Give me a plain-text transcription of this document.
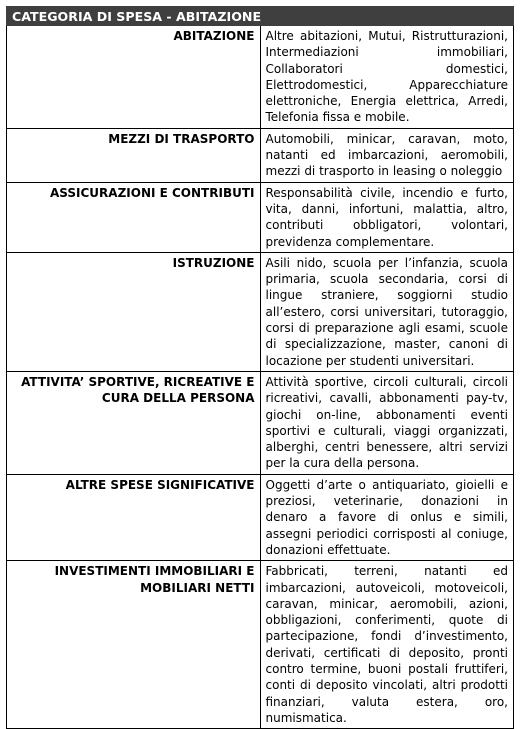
CATEGORIA DI SPESA - ABITAZIONE	
ABITAZIONE	Altre abitazioni, Mutui, Ristrutturazioni, Intermediazioni immobiliari, Collaboratori domestici, Elettrodomestici, Apparecchiature elettroniche, Energia elettrica, Arredi, Telefonia fissa e mobile.
MEZZI DI TRASPORTO	Automobili, minicar, caravan, moto, natanti ed imbarcazioni, aeromobili, mezzi di trasporto in leasing o noleggio
ASSICURAZIONI E CONTRIBUTI	Responsabilità civile, incendio e furto, vita, danni, infortuni, malattia, altro, contributi obbligatori, volontari, previdenza complementare.
ISTRUZIONE	Asili nido, scuola per l’infanzia, scuola primaria, scuola secondaria, corsi di lingue straniere, soggiorni studio all’estero, corsi universitari, tutoraggio, corsi di preparazione agli esami, scuole di specializzazione, master, canoni di locazione per studenti universitari.
ATTIVITA’ SPORTIVE, RICREATIVE E CURA DELLA PERSONA	Attività sportive, circoli culturali, circoli ricreativi, cavalli, abbonamenti pay-tv, giochi on-line, abbonamenti eventi sportivi e culturali, viaggi organizzati, alberghi, centri benessere, altri servizi per la cura della persona.
ALTRE SPESE SIGNIFICATIVE	Oggetti d’arte o antiquariato, gioielli e preziosi, veterinarie, donazioni in denaro a favore di onlus e simili, assegni periodici corrisposti al coniuge, donazioni effettuate.
INVESTIMENTI IMMOBILIARI E MOBILIARI NETTI	Fabbricati, terreni, natanti ed imbarcazioni, autoveicoli, motoveicoli, caravan, minicar, aeromobili, azioni, obbligazioni, conferimenti, quote di partecipazione, fondi d’investimento, derivati, certificati di deposito, pronti contro termine, buoni postali fruttiferi, conti di deposito vincolati, altri prodotti finanziari, valuta estera, oro, numismatica.
